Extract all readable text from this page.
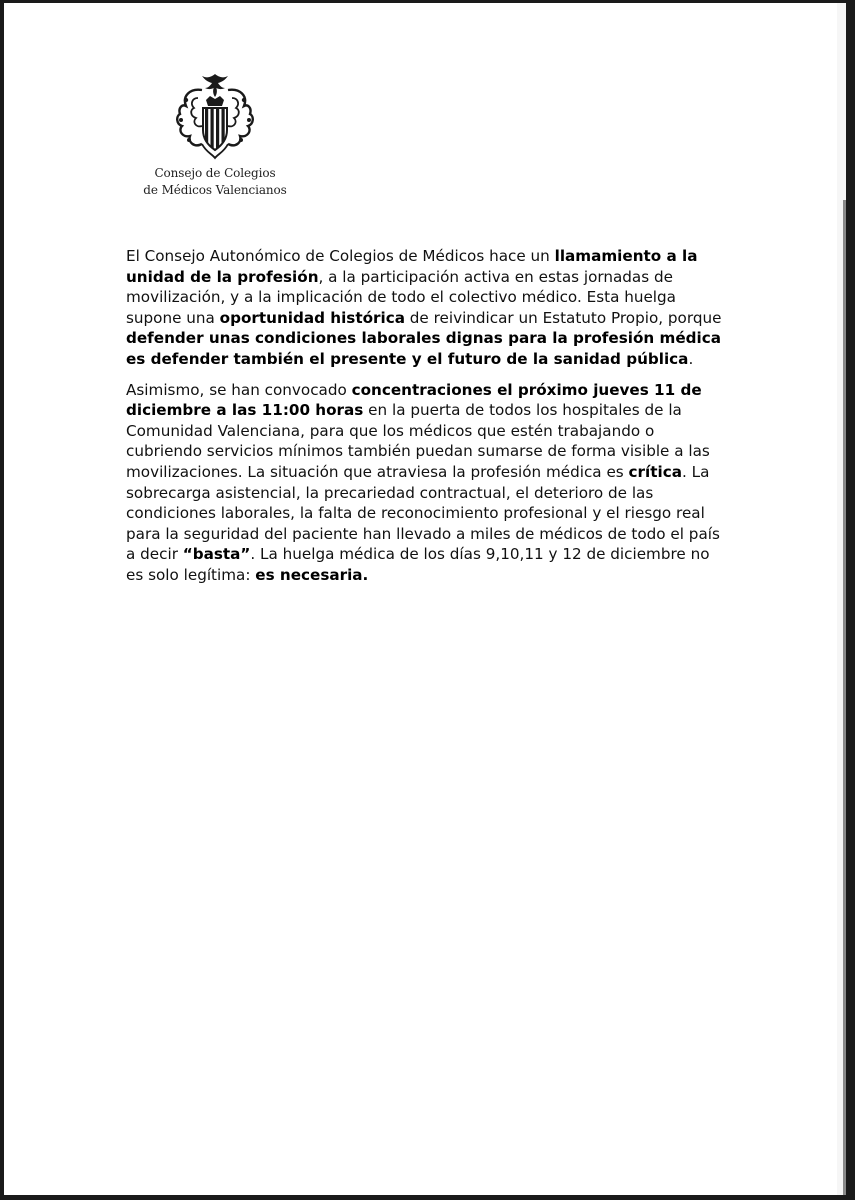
Consejo de Colegios
de Médicos Valencianos

El Consejo Autonómico de Colegios de Médicos hace un llamamiento a la unidad de la profesión, a la participación activa en estas jornadas de movilización, y a la implicación de todo el colectivo médico. Esta huelga supone una oportunidad histórica de reivindicar un Estatuto Propio, porque defender unas condiciones laborales dignas para la profesión médica es defender también el presente y el futuro de la sanidad pública.

Asimismo, se han convocado concentraciones el próximo jueves 11 de diciembre a las 11:00 horas en la puerta de todos los hospitales de la Comunidad Valenciana, para que los médicos que estén trabajando o cubriendo servicios mínimos también puedan sumarse de forma visible a las movilizaciones. La situación que atraviesa la profesión médica es crítica. La sobrecarga asistencial, la precariedad contractual, el deterioro de las condiciones laborales, la falta de reconocimiento profesional y el riesgo real para la seguridad del paciente han llevado a miles de médicos de todo el país a decir “basta”. La huelga médica de los días 9,10,11 y 12 de diciembre no es solo legítima: es necesaria.
